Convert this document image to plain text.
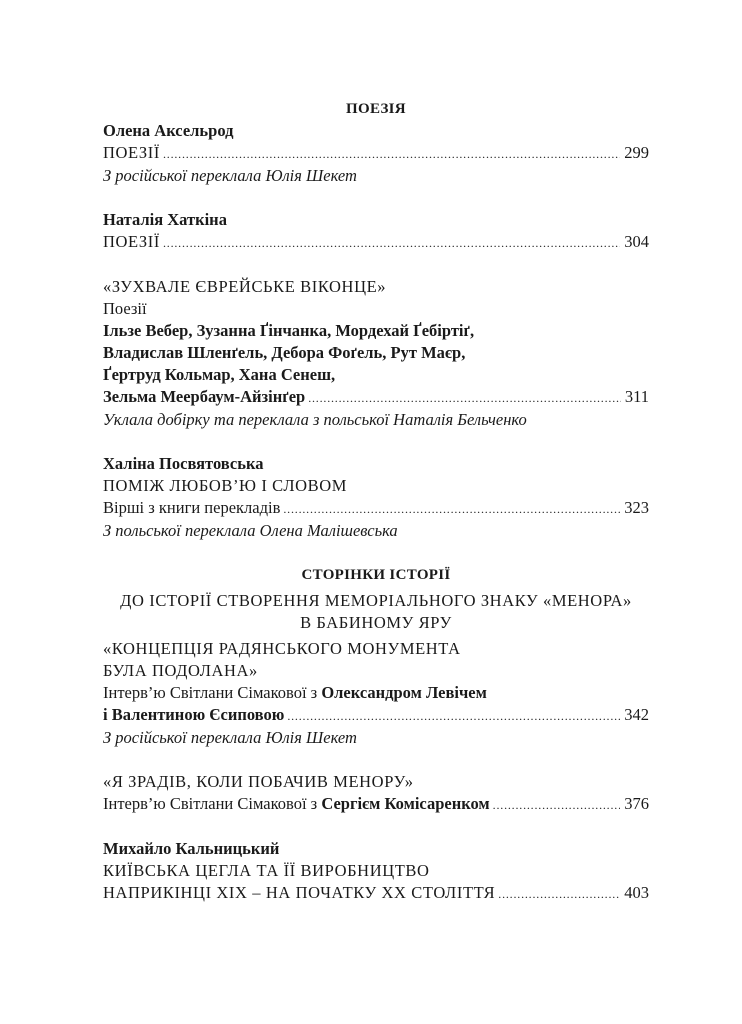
ПОЕЗІЯ
Олена Аксельрод
ПОЕЗІЇ .....	299
З російської переклала Юлія Шекет
Наталія Хаткіна
ПОЕЗІЇ .....	304
«ЗУХВАЛЕ ЄВРЕЙСЬКЕ ВІКОНЦЕ»
Поезії
Ільзе Вебер, Зузанна Ґінчанка, Мордехай Ґебіртіґ,
Владислав Шленґель, Дебора Фоґель, Рут Маєр,
Ґертруд Кольмар, Хана Сенеш,
Зельма Меербаум-Айзінґер .....	311
Уклала добірку та переклала з польської Наталія Бельченко
Халіна Посвятовська
ПОМІЖ ЛЮБОВ’Ю І СЛОВОМ
Вірші з книги перекладів .....	323
З польської переклала Олена Малішевська
СТОРІНКИ ІСТОРІЇ
ДО ІСТОРІЇ СТВОРЕННЯ МЕМОРІАЛЬНОГО ЗНАКУ «МЕНОРА»
В БАБИНОМУ ЯРУ
«КОНЦЕПЦІЯ РАДЯНСЬКОГО МОНУМЕНТА
БУЛА ПОДОЛАНА»
Інтерв’ю Світлани Сімакової з Олександром Левічем
і Валентиною Єсиповою .....	342
З російської переклала Юлія Шекет
«Я ЗРАДІВ, КОЛИ ПОБАЧИВ МЕНОРУ»
Інтерв’ю Світлани Сімакової з Сергієм Комісаренком .....	376
Михайло Кальницький
КИЇВСЬКА ЦЕГЛА ТА ЇЇ ВИРОБНИЦТВО
НАПРИКІНЦІ ХІХ – НА ПОЧАТКУ ХХ СТОЛІТТЯ .....	403
